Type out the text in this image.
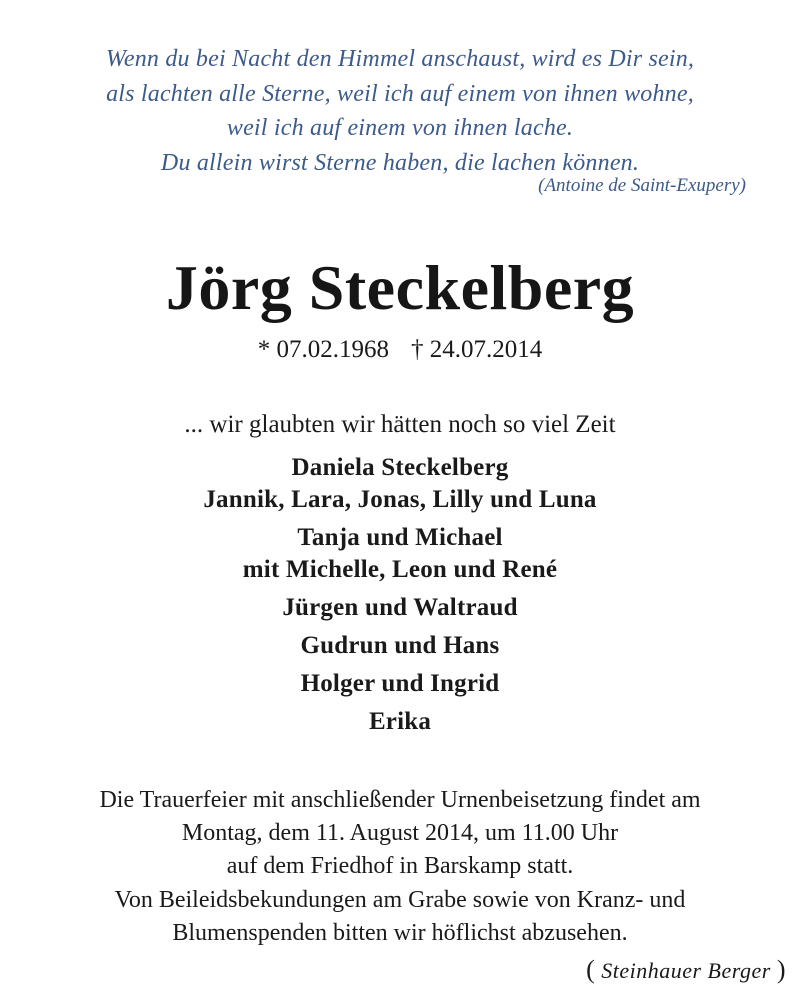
Wenn du bei Nacht den Himmel anschaust, wird es Dir sein,
als lachten alle Sterne, weil ich auf einem von ihnen wohne,
weil ich auf einem von ihnen lache.
Du allein wirst Sterne haben, die lachen können.
(Antoine de Saint-Exupery)
Jörg Steckelberg
* 07.02.1968 † 24.07.2014
... wir glaubten wir hätten noch so viel Zeit
Daniela Steckelberg
Jannik, Lara, Jonas, Lilly und Luna
Tanja und Michael
mit Michelle, Leon und René
Jürgen und Waltraud
Gudrun und Hans
Holger und Ingrid
Erika
Die Trauerfeier mit anschließender Urnenbeisetzung findet am
Montag, dem 11. August 2014, um 11.00 Uhr
auf dem Friedhof in Barskamp statt.
Von Beileidsbekundungen am Grabe sowie von Kranz- und
Blumenspenden bitten wir höflichst abzusehen.
( Steinhauer Berger )
